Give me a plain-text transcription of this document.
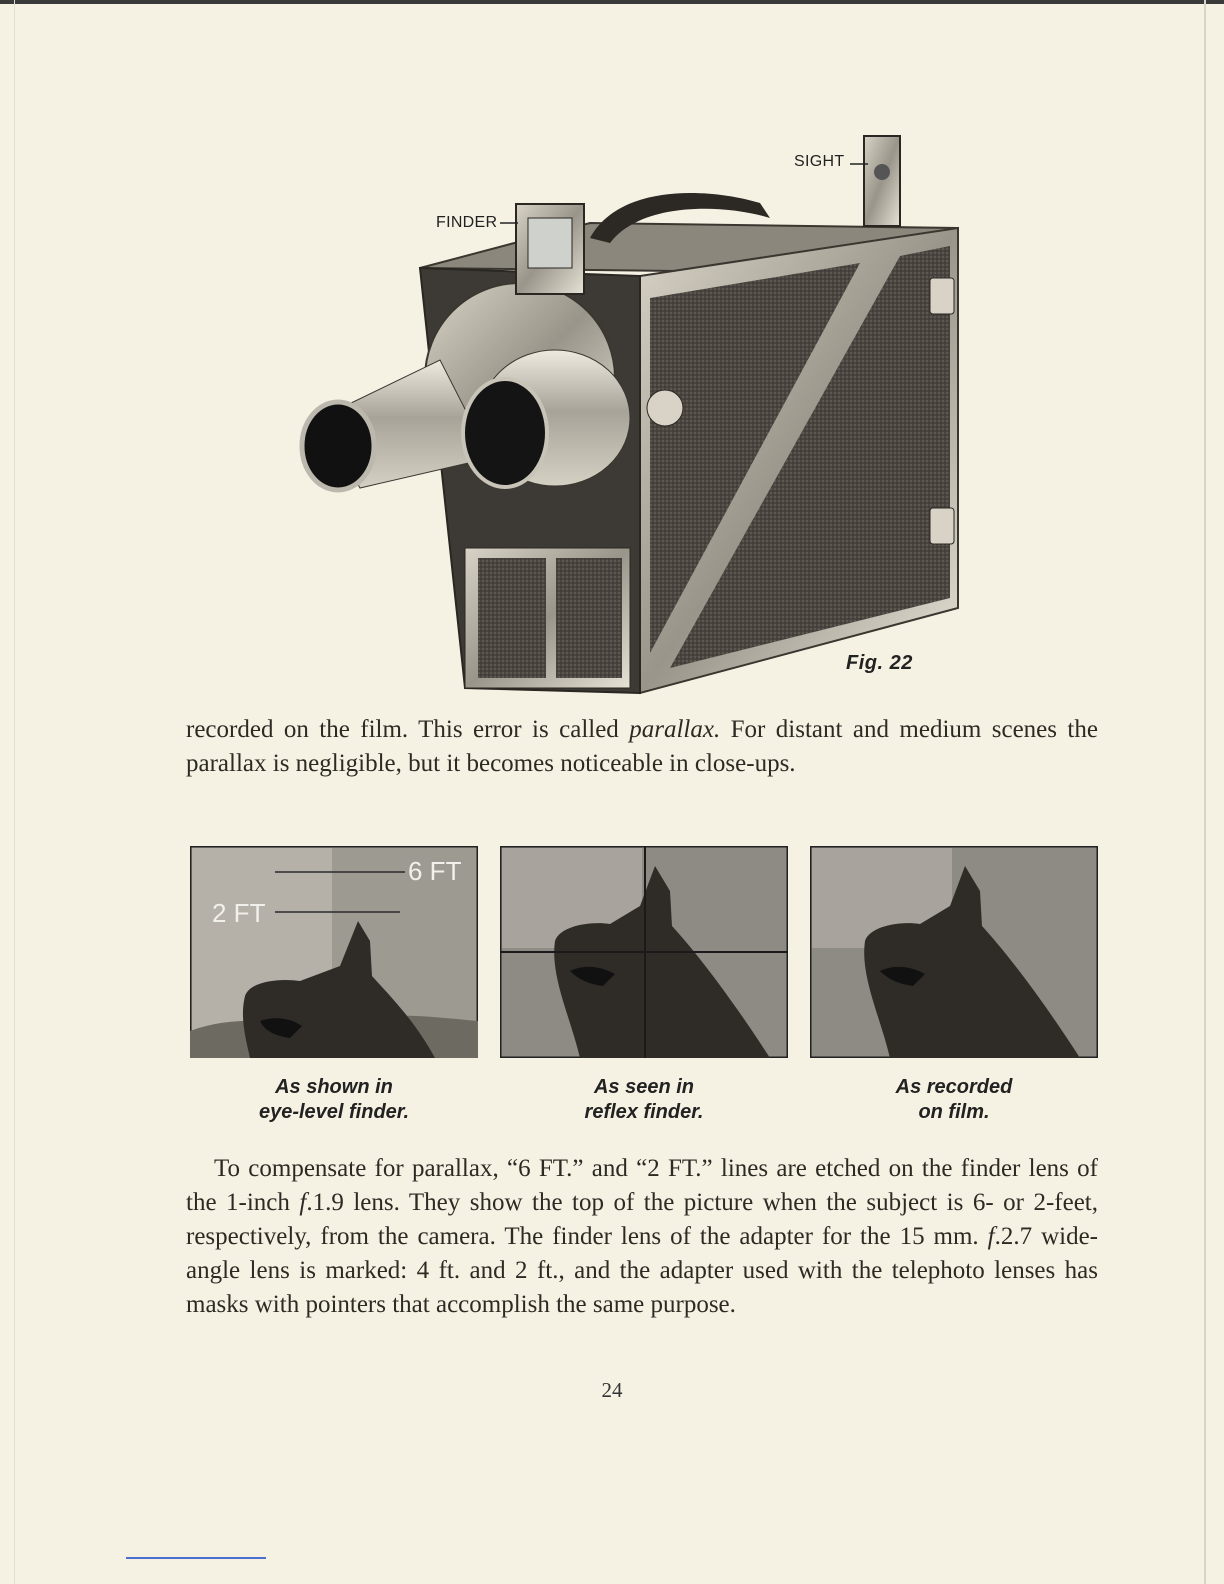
FINDER
SIGHT
Fig. 22

recorded on the film. This error is called parallax. For distant and medium scenes the parallax is negligible, but it becomes noticeable in close-ups.

6 FT
2 FT
As shown in
eye-level finder.
As seen in
reflex finder.
As recorded
on film.

To compensate for parallax, “6 FT.” and “2 FT.” lines are etched on the finder lens of the 1-inch f.1.9 lens. They show the top of the picture when the subject is 6- or 2-feet, respectively, from the camera. The finder lens of the adapter for the 15 mm. f.2.7 wide-angle lens is marked: 4 ft. and 2 ft., and the adapter used with the telephoto lenses has masks with pointers that accomplish the same purpose.

24
